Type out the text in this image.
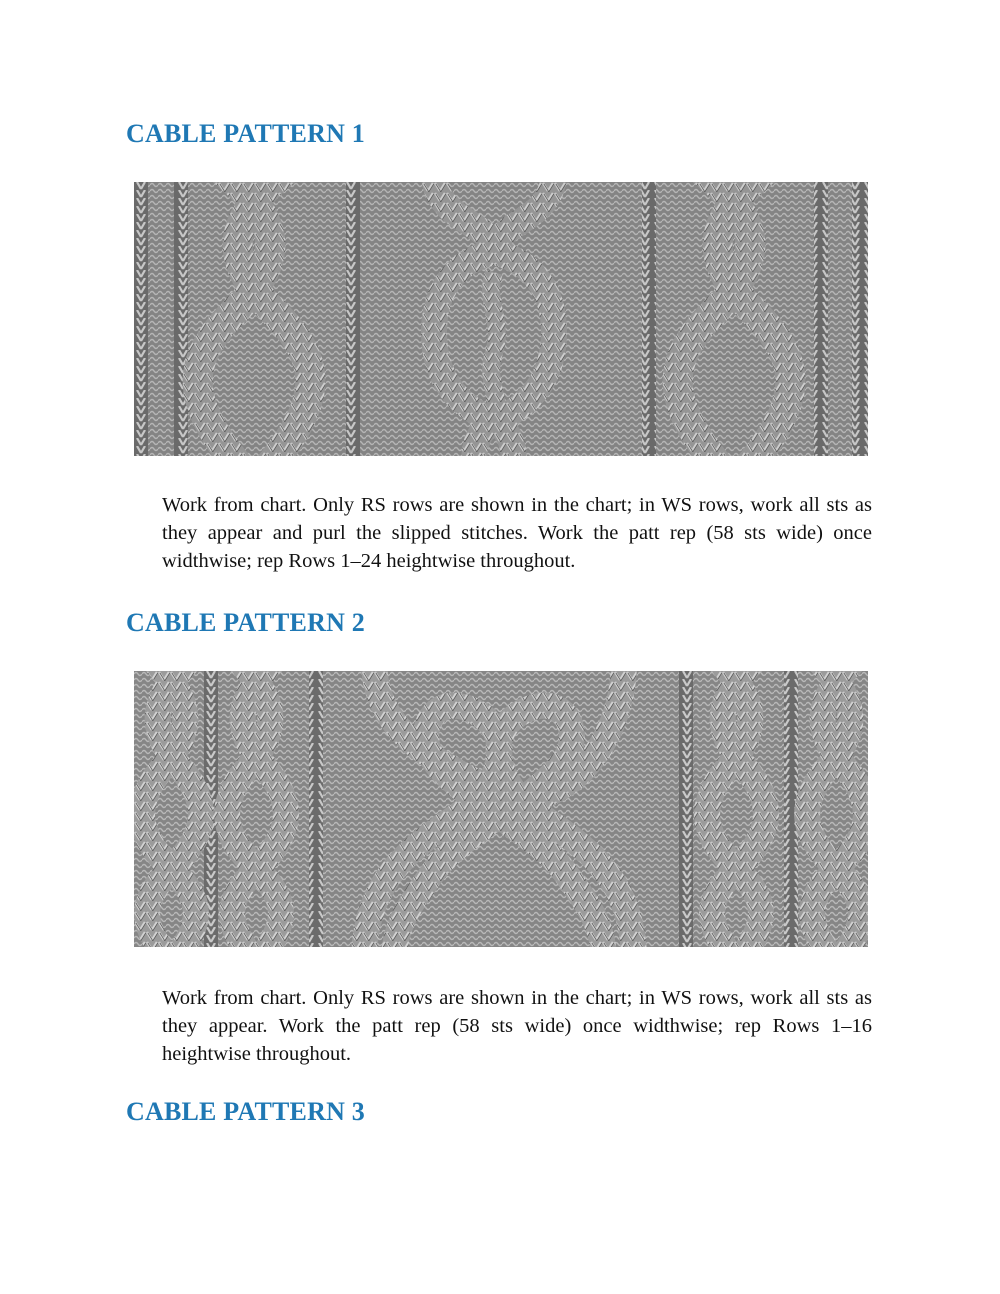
CABLE PATTERN 1

Work from chart. Only RS rows are shown in the chart; in WS rows, work all sts as they appear and purl the slipped stitches. Work the patt rep (58 sts wide) once widthwise; rep Rows 1–24 heightwise throughout.

CABLE PATTERN 2

Work from chart. Only RS rows are shown in the chart; in WS rows, work all sts as they appear. Work the patt rep (58 sts wide) once widthwise; rep Rows 1–16 heightwise throughout.

CABLE PATTERN 3
